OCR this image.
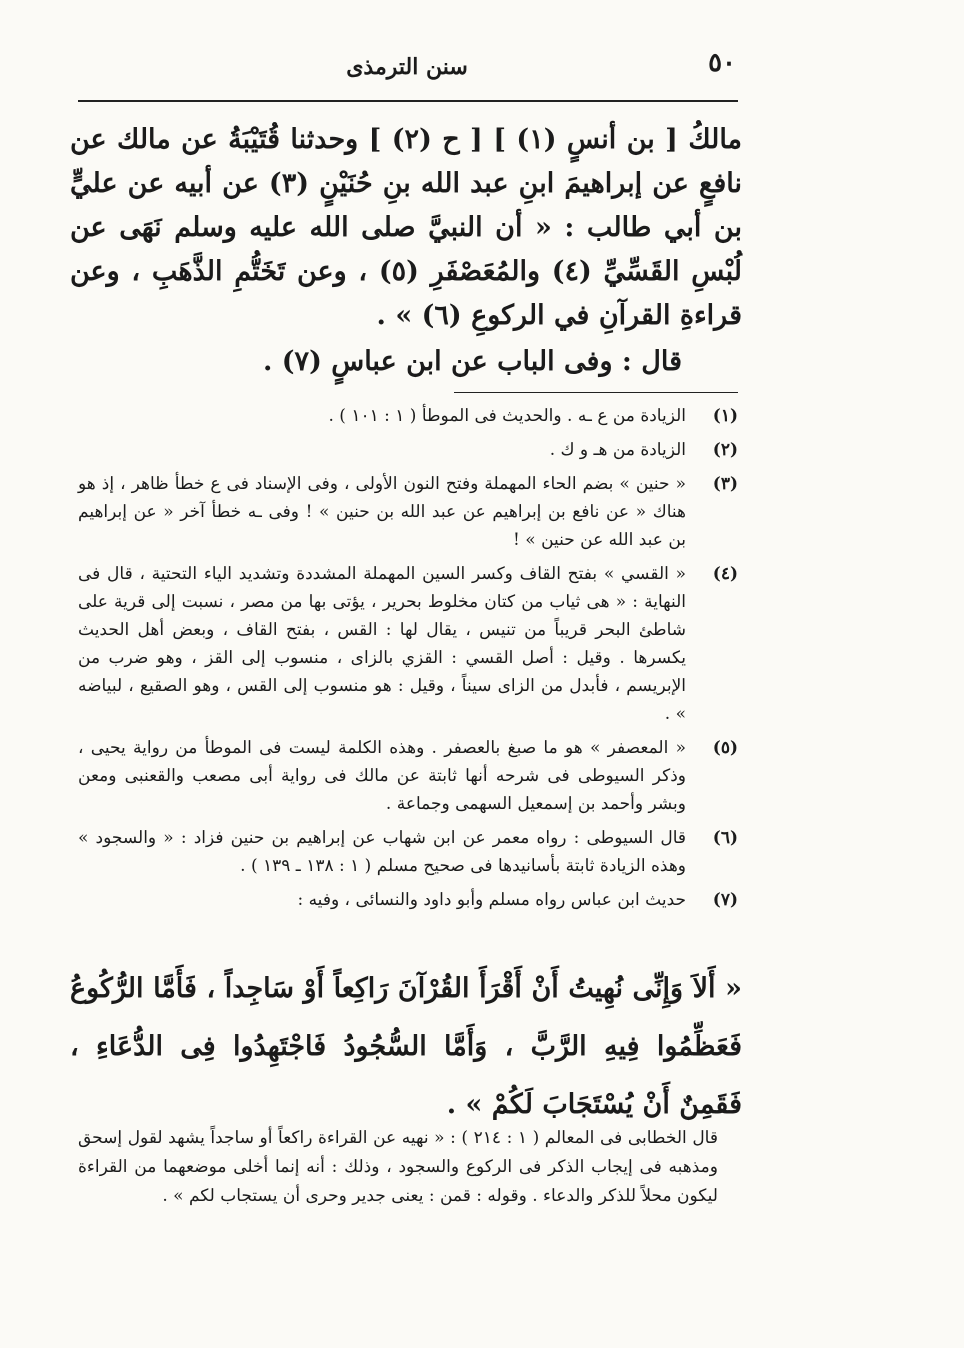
٥٠
سنن الترمذی

مالكُ [ بن أنسٍ (١) ] [ ح (٢) ] وحدثنا قُتَيْبَةُ عن مالك عن نافعٍ عن إبراهيمَ ابنِ عبد الله بنِ حُنَيْنٍ (٣) عن أبيه عن عليٍّ بن أبي طالب : « أن النبيَّ صلى الله عليه وسلم نَهَى عن لُبْسِ القَسِّيِّ (٤) والمُعَصْفَرِ (٥) ، وعن تَخَتُّمِ الذَّهَبِ ، وعن قراءةِ القرآنِ في الركوعِ (٦) » .

قال : وفى الباب عن ابن عباسٍ (٧) .
(١)
الزيادة من ع ـه . والحديث فى الموطأ ( ١ : ١٠١ ) .
(٢)
الزيادة من هـ و ك .
(٣)
« حنين » بضم الحاء المهملة وفتح النون الأولى ، وفى الإسناد فى ع خطأ ظاهر ، إذ هو هناك « عن نافع بن إبراهيم عن عبد الله بن حنين » ! وفى ـه خطأ آخر « عن إبراهيم بن عبد الله عن حنين » !
(٤)
« القسي » بفتح القاف وكسر السين المهملة المشددة وتشديد الياء التحتية ، قال فى النهاية : « هى ثياب من كتان مخلوط بحرير ، يؤتى بها من مصر ، نسبت إلى قرية على شاطئ البحر قريباً من تنيس ، يقال لها : القس ، بفتح القاف ، وبعض أهل الحديث يكسرها . وقيل : أصل القسي : القزي بالزاى ، منسوب إلى القز ، وهو ضرب من الإبريسم ، فأبدل من الزاى سيناً ، وقيل : هو منسوب إلى القس ، وهو الصقيع ، لبياضه » .
(٥)
« المعصفر » هو ما صبغ بالعصفر . وهذه الكلمة ليست فى الموطأ من رواية يحيى ، وذكر السيوطى فى شرحه أنها ثابتة عن مالك فى رواية أبى مصعب والقعنبى ومعن وبشر وأحمد بن إسمعيل السهمى وجماعة .
(٦)
قال السيوطى : رواه معمر عن ابن شهاب عن إبراهيم بن حنين فزاد : « والسجود » وهذه الزيادة ثابتة بأسانيدها فى صحيح مسلم ( ١ : ١٣٨ ـ ١٣٩ ) .
(٧)
حديث ابن عباس رواه مسلم وأبو داود والنسائى ، وفيه :
« أَلاَ وَإِنِّى نُهِيتُ أَنْ أَقْرَأَ القُرْآنَ رَاكِعاً أَوْ سَاجِداً ، فَأَمَّا الرُّكُوعُ فَعَظِّمُوا فِيهِ الرَّبَّ ، وَأَمَّا السُّجُودُ فَاجْتَهِدُوا فِى الدُّعَاءِ ، فَقَمِنٌ أَنْ يُسْتَجَابَ لَكُمْ » .
قال الخطابى فى المعالم ( ١ : ٢١٤ ) : « نهيه عن القراءة راكعاً أو ساجداً يشهد لقول إسحق ومذهبه فى إيجاب الذكر فى الركوع والسجود ، وذلك : أنه إنما أخلى موضعهما من القراءة ليكون محلاً للذكر والدعاء . وقوله : قمن : يعنى جدير وحرى أن يستجاب لكم » .
